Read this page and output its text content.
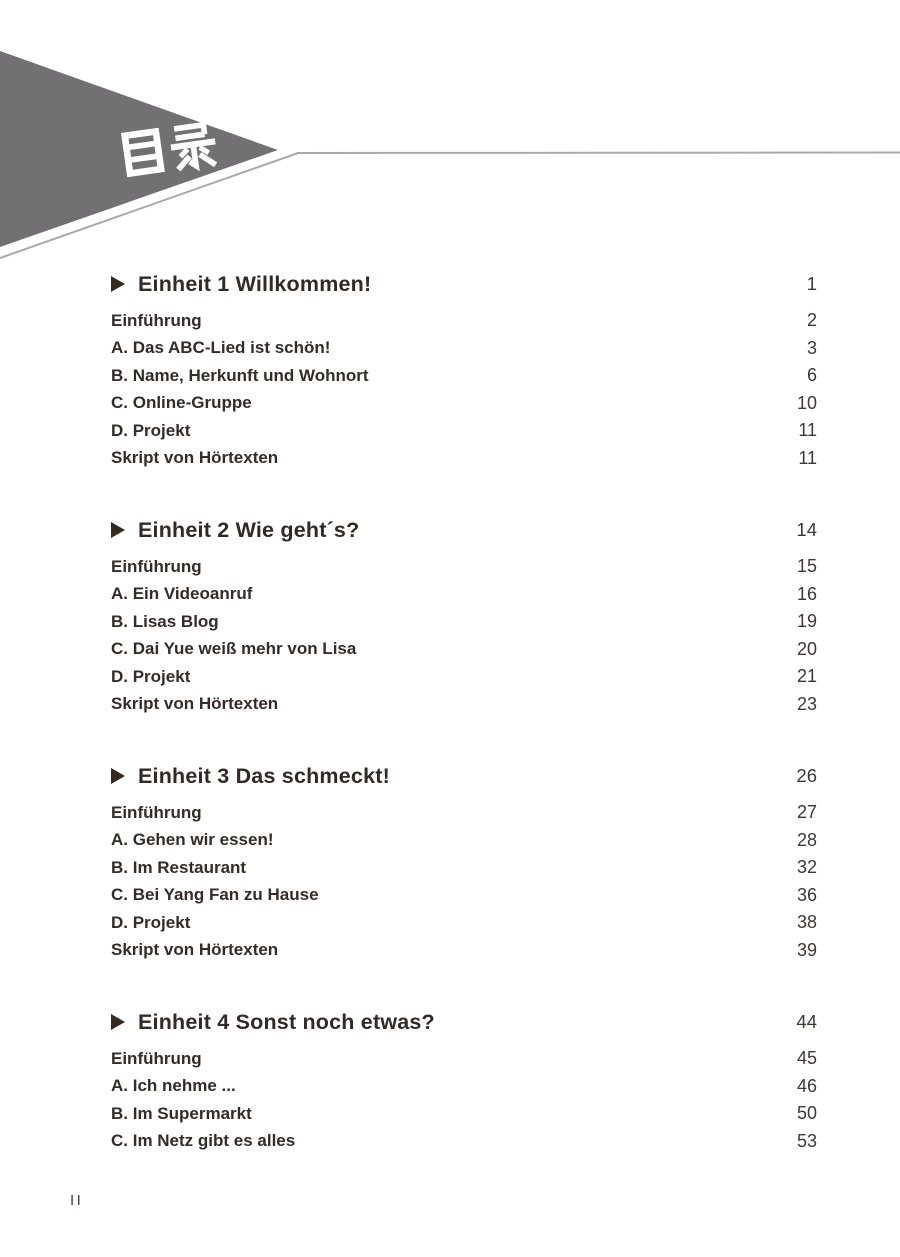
Einheit 1 Willkommen!	1
Einführung	2
A. Das ABC-Lied ist schön!	3
B. Name, Herkunft und Wohnort	6
C. Online-Gruppe	10
D. Projekt	11
Skript von Hörtexten	11
Einheit 2 Wie geht´s?	14
Einführung	15
A. Ein Videoanruf	16
B. Lisas Blog	19
C. Dai Yue weiß mehr von Lisa	20
D. Projekt	21
Skript von Hörtexten	23
Einheit 3 Das schmeckt!	26
Einführung	27
A. Gehen wir essen!	28
B. Im Restaurant	32
C. Bei Yang Fan zu Hause	36
D. Projekt	38
Skript von Hörtexten	39
Einheit 4 Sonst noch etwas?	44
Einführung	45
A. Ich nehme ...	46
B. Im Supermarkt	50
C. Im Netz gibt es alles	53
II
